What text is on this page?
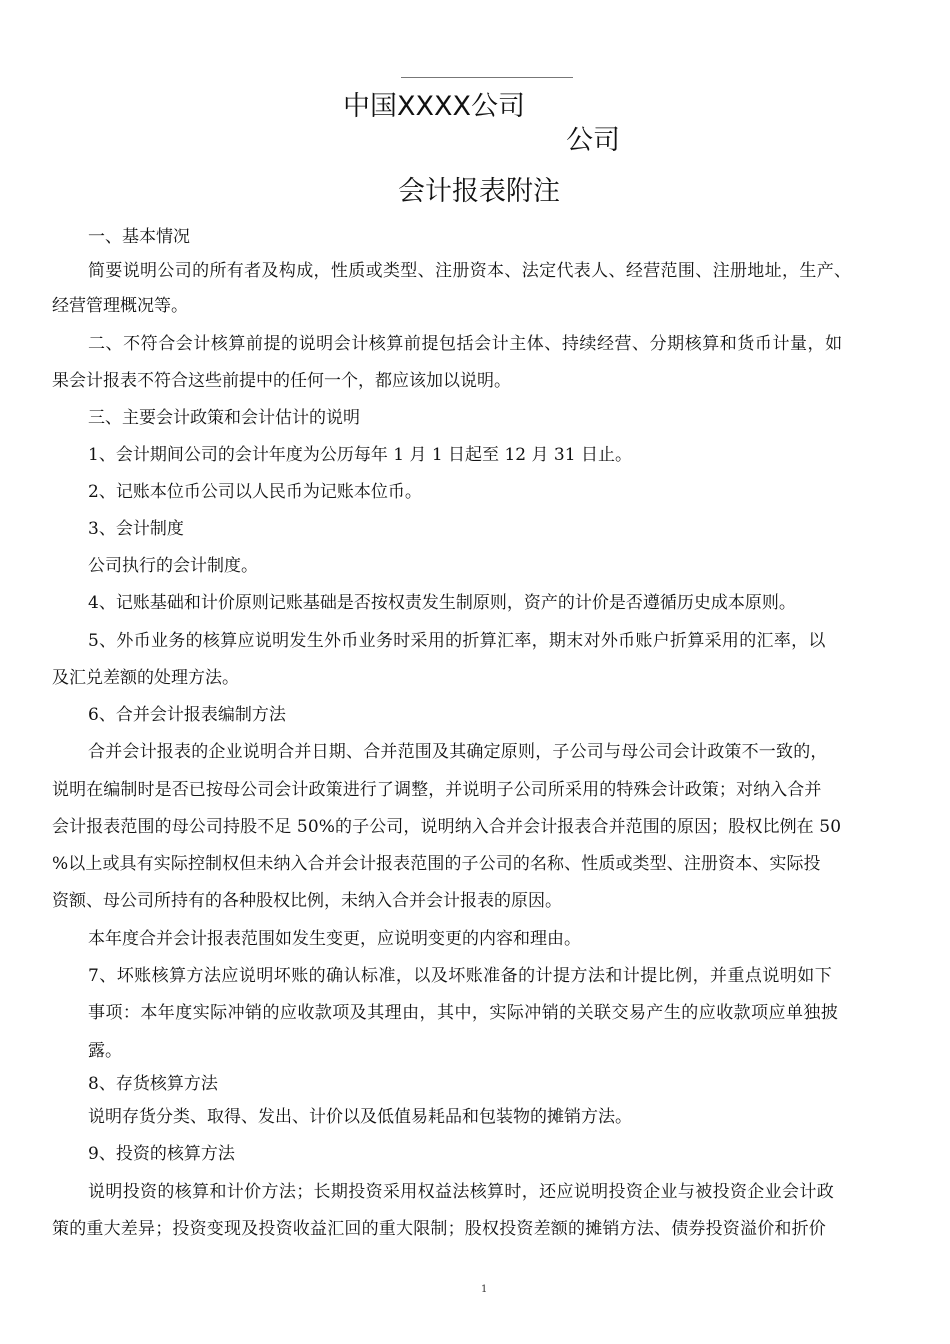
中国XXXX公司
公司
会计报表附注
一、基本情况
简要说明公司的所有者及构成，性质或类型、注册资本、法定代表人、经营范围、注册地址，生产、
经营管理概况等。
二、不符合会计核算前提的说明会计核算前提包括会计主体、持续经营、分期核算和货币计量，如
果会计报表不符合这些前提中的任何一个，都应该加以说明。
三、主要会计政策和会计估计的说明
1、会计期间公司的会计年度为公历每年 1 月 1 日起至 12 月 31 日止。
2、记账本位币公司以人民币为记账本位币。
3、会计制度
公司执行的会计制度。
4、记账基础和计价原则记账基础是否按权责发生制原则，资产的计价是否遵循历史成本原则。
5、外币业务的核算应说明发生外币业务时采用的折算汇率，期末对外币账户折算采用的汇率，以
及汇兑差额的处理方法。
6、合并会计报表编制方法
合并会计报表的企业说明合并日期、合并范围及其确定原则，子公司与母公司会计政策不一致的，
说明在编制时是否已按母公司会计政策进行了调整，并说明子公司所采用的特殊会计政策；对纳入合并
会计报表范围的母公司持股不足 50%的子公司，说明纳入合并会计报表合并范围的原因；股权比例在 50
%以上或具有实际控制权但未纳入合并会计报表范围的子公司的名称、性质或类型、注册资本、实际投
资额、母公司所持有的各种股权比例，未纳入合并会计报表的原因。
本年度合并会计报表范围如发生变更，应说明变更的内容和理由。
7、坏账核算方法应说明坏账的确认标准，以及坏账准备的计提方法和计提比例，并重点说明如下
事项：本年度实际冲销的应收款项及其理由，其中，实际冲销的关联交易产生的应收款项应单独披
露。
8、存货核算方法
说明存货分类、取得、发出、计价以及低值易耗品和包装物的摊销方法。
9、投资的核算方法
说明投资的核算和计价方法；长期投资采用权益法核算时，还应说明投资企业与被投资企业会计政
策的重大差异；投资变现及投资收益汇回的重大限制；股权投资差额的摊销方法、债券投资溢价和折价
1
